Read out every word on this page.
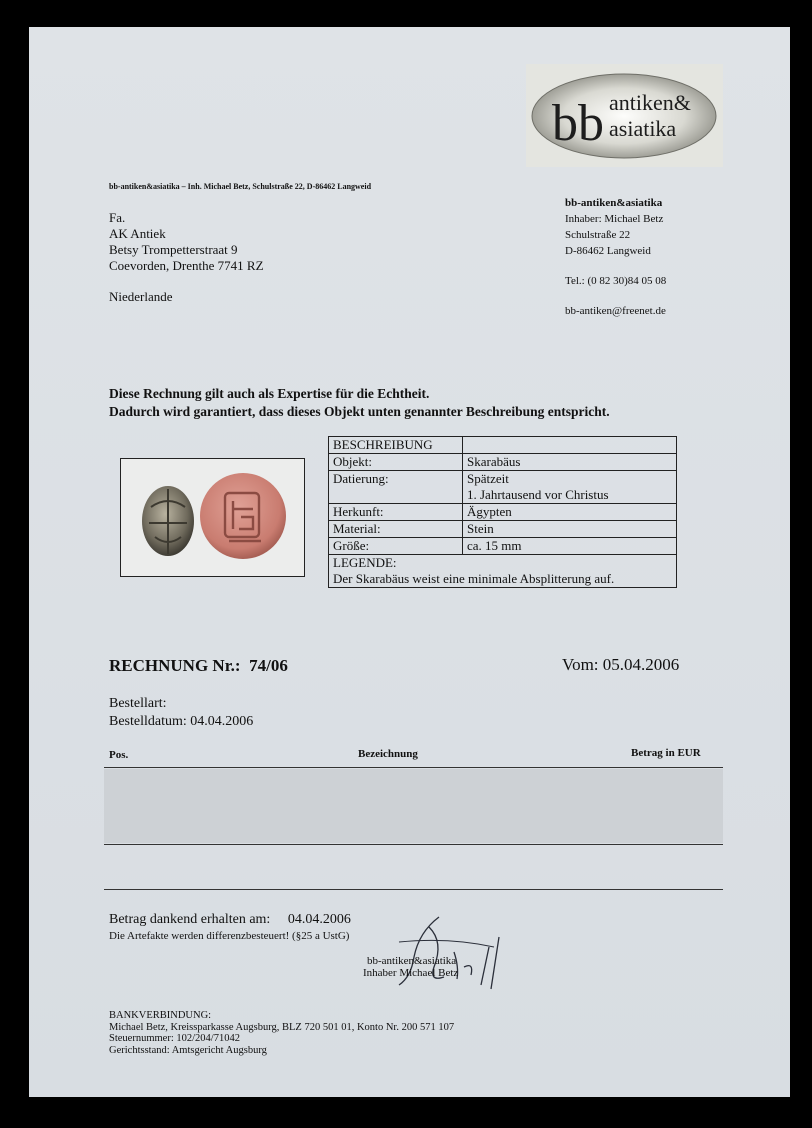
bb antiken&
asiatika
bb-antiken&asiatika – Inh. Michael Betz, Schulstraße 22, D-86462 Langweid
Fa.
AK Antiek
Betsy Trompetterstraat 9
Coevorden, Drenthe 7741 RZ
Niederlande
bb-antiken&asiatika
Inhaber: Michael Betz
Schulstraße 22
D-86462 Langweid
Tel.: (0 82 30)84 05 08
bb-antiken@freenet.de
Diese Rechnung gilt auch als Expertise für die Echtheit.
Dadurch wird garantiert, dass dieses Objekt unten genannter Beschreibung entspricht.
BESCHREIBUNG	
Objekt:	Skarabäus
Datierung:	Spätzeit
1. Jahrtausend vor Christus

Herkunft:	Ägypten
Material:	Stein
Größe:	ca. 15 mm

LEGENDE:
Der Skarabäus weist eine minimale Absplitterung auf.	
RECHNUNG Nr.: 74/06	Vom: 05.04.2006
Bestellart:
Bestelldatum: 04.04.2006
Pos.	Bezeichnung	Betrag in EUR
Betrag dankend erhalten am: 04.04.2006
Die Artefakte werden differenzbesteuert! (§25 a UstG)
bb-antiken&asiatika
Inhaber Michael Betz
BANKVERBINDUNG:
Michael Betz, Kreissparkasse Augsburg, BLZ 720 501 01, Konto Nr. 200 571 107
Steuernummer: 102/204/71042
Gerichtsstand: Amtsgericht Augsburg
